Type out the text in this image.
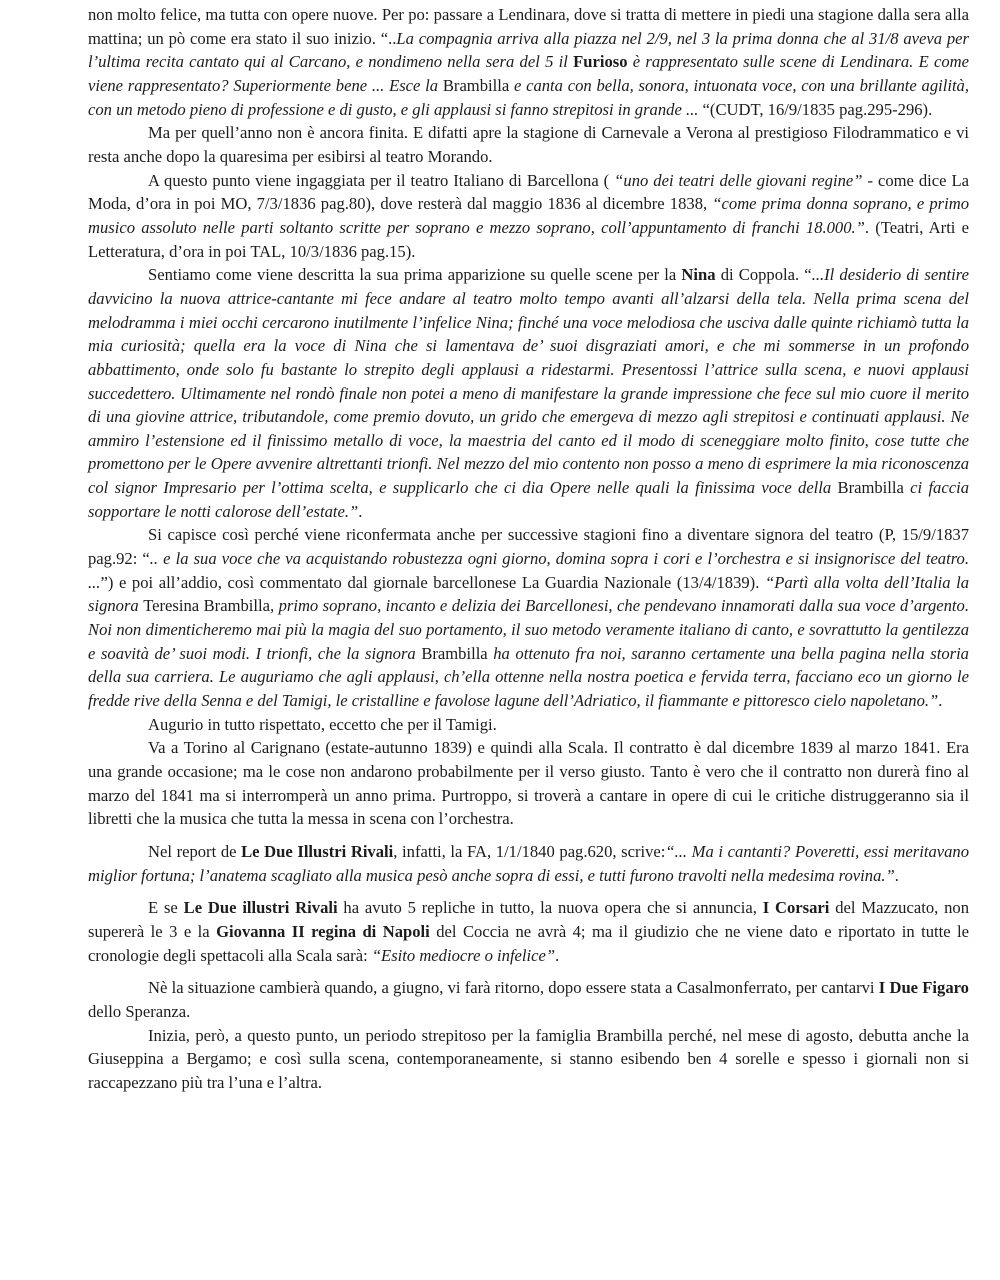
non molto felice, ma tutta con opere nuove. Per po: passare a Lendinara, dove si tratta di mettere in piedi una stagione dalla sera alla mattina; un pò come era stato il suo inizio. “..La compagnia arriva alla piazza nel 2/9, nel 3 la prima donna che al 31/8 aveva per l’ultima recita cantato qui al Carcano, e nondimeno nella sera del 5 il Furioso è rappresentato sulle scene di Lendinara. E come viene rappresentato? Superiormente bene ... Esce la Brambilla e canta con bella, sonora, intuonata voce, con una brillante agilità, con un metodo pieno di professione e di gusto, e gli applausi si fanno strepitosi in grande ... “(CUDT, 16/9/1835 pag.295-296).

Ma per quell’anno non è ancora finita. E difatti apre la stagione di Carnevale a Verona al prestigioso Filodrammatico e vi resta anche dopo la quaresima per esibirsi al teatro Morando.

A questo punto viene ingaggiata per il teatro Italiano di Barcellona ( “uno dei teatri delle giovani regine” - come dice La Moda, d’ora in poi MO, 7/3/1836 pag.80), dove resterà dal maggio 1836 al dicembre 1838, “come prima donna soprano, e primo musico assoluto nelle parti soltanto scritte per soprano e mezzo soprano, coll’appuntamento di franchi 18.000.”. (Teatri, Arti e Letteratura, d’ora in poi TAL, 10/3/1836 pag.15).

Sentiamo come viene descritta la sua prima apparizione su quelle scene per la Nina di Coppola. “...Il desiderio di sentire davvicino la nuova attrice-cantante mi fece andare al teatro molto tempo avanti all’alzarsi della tela. Nella prima scena del melodramma i miei occhi cercarono inutilmente l’infelice Nina; finché una voce melodiosa che usciva dalle quinte richiamò tutta la mia curiosità; quella era la voce di Nina che si lamentava de’ suoi disgraziati amori, e che mi sommerse in un profondo abbattimento, onde solo fu bastante lo strepito degli applausi a ridestarmi. Presentossi l’attrice sulla scena, e nuovi applausi succedettero. Ultimamente nel rondò finale non potei a meno di manifestare la grande impressione che fece sul mio cuore il merito di una giovine attrice, tributandole, come premio dovuto, un grido che emergeva di mezzo agli strepitosi e continuati applausi. Ne ammiro l’estensione ed il finissimo metallo di voce, la maestria del canto ed il modo di sceneggiare molto finito, cose tutte che promettono per le Opere avvenire altrettanti trionfi. Nel mezzo del mio contento non posso a meno di esprimere la mia riconoscenza col signor Impresario per l’ottima scelta, e supplicarlo che ci dia Opere nelle quali la finissima voce della Brambilla ci faccia sopportare le notti calorose dell’estate.”.

Si capisce così perché viene riconfermata anche per successive stagioni fino a diventare signora del teatro (P, 15/9/1837 pag.92: “.. e la sua voce che va acquistando robustezza ogni giorno, domina sopra i cori e l’orchestra e si insignorisce del teatro. ...”) e poi all’addio, così commentato dal giornale barcellonese La Guardia Nazionale (13/4/1839). “Partì alla volta dell’Italia la signora Teresina Brambilla, primo soprano, incanto e delizia dei Barcellonesi, che pendevano innamorati dalla sua voce d’argento. Noi non dimenticheremo mai più la magia del suo portamento, il suo metodo veramente italiano di canto, e sovrattutto la gentilezza e soavità de’ suoi modi. I trionfi, che la signora Brambilla ha ottenuto fra noi, saranno certamente una bella pagina nella storia della sua carriera. Le auguriamo che agli applausi, ch’ella ottenne nella nostra poetica e fervida terra, facciano eco un giorno le fredde rive della Senna e del Tamigi, le cristalline e favolose lagune dell’Adriatico, il fiammante e pittoresco cielo napoletano.”.

Augurio in tutto rispettato, eccetto che per il Tamigi.

Va a Torino al Carignano (estate-autunno 1839) e quindi alla Scala. Il contratto è dal dicembre 1839 al marzo 1841. Era una grande occasione; ma le cose non andarono probabilmente per il verso giusto. Tanto è vero che il contratto non durerà fino al marzo del 1841 ma si interromperà un anno prima. Purtroppo, si troverà a cantare in opere di cui le critiche distruggeranno sia il libretti che la musica che tutta la messa in scena con l’orchestra.

Nel report de Le Due Illustri Rivali, infatti, la FA, 1/1/1840 pag.620, scrive:“... Ma i cantanti? Poveretti, essi meritavano miglior fortuna; l’anatema scagliato alla musica pesò anche sopra di essi, e tutti furono travolti nella medesima rovina.”.

E se Le Due illustri Rivali ha avuto 5 repliche in tutto, la nuova opera che si annuncia, I Corsari del Mazzucato, non supererà le 3 e la Giovanna II regina di Napoli del Coccia ne avrà 4; ma il giudizio che ne viene dato e riportato in tutte le cronologie degli spettacoli alla Scala sarà: “Esito mediocre o infelice”.

Nè la situazione cambierà quando, a giugno, vi farà ritorno, dopo essere stata a Casalmonferrato, per cantarvi I Due Figaro dello Speranza.

Inizia, però, a questo punto, un periodo strepitoso per la famiglia Brambilla perché, nel mese di agosto, debutta anche la Giuseppina a Bergamo; e così sulla scena, contemporaneamente, si stanno esibendo ben 4 sorelle e spesso i giornali non si raccapezzano più tra l’una e l’altra.
